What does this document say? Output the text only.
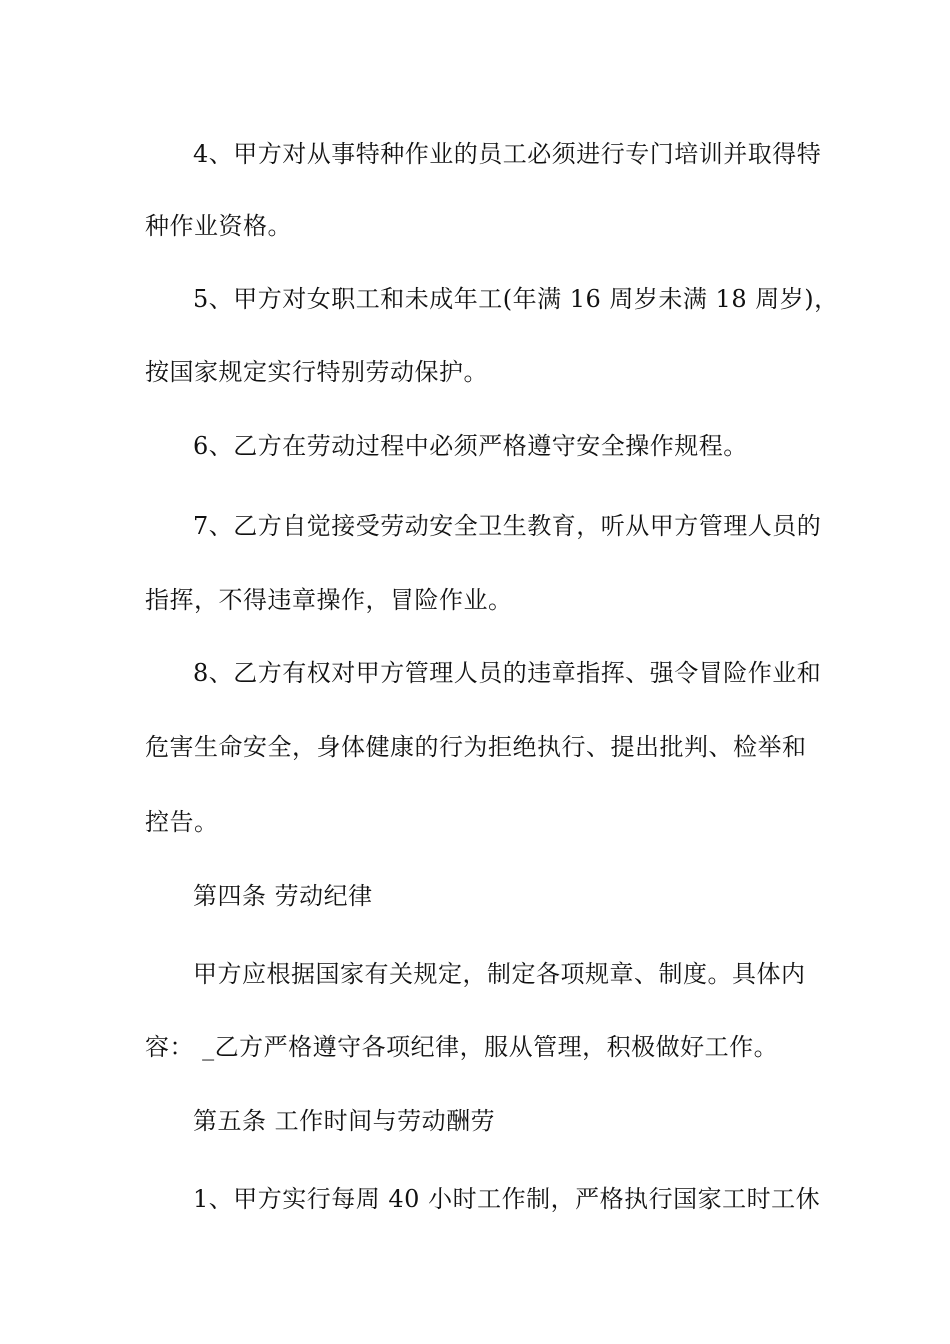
4、甲方对从事特种作业的员工必须进行专门培训并取得特
种作业资格。
5、甲方对女职工和未成年工(年满 16 周岁未满 18 周岁)，
按国家规定实行特别劳动保护。
6、乙方在劳动过程中必须严格遵守安全操作规程。
7、乙方自觉接受劳动安全卫生教育，听从甲方管理人员的
指挥，不得违章操作，冒险作业。
8、乙方有权对甲方管理人员的违章指挥、强令冒险作业和
危害生命安全，身体健康的行为拒绝执行、提出批判、检举和
控告。
第四条 劳动纪律
甲方应根据国家有关规定，制定各项规章、制度。具体内
容： _乙方严格遵守各项纪律，服从管理，积极做好工作。
第五条 工作时间与劳动酬劳
1、甲方实行每周 40 小时工作制，严格执行国家工时工休
